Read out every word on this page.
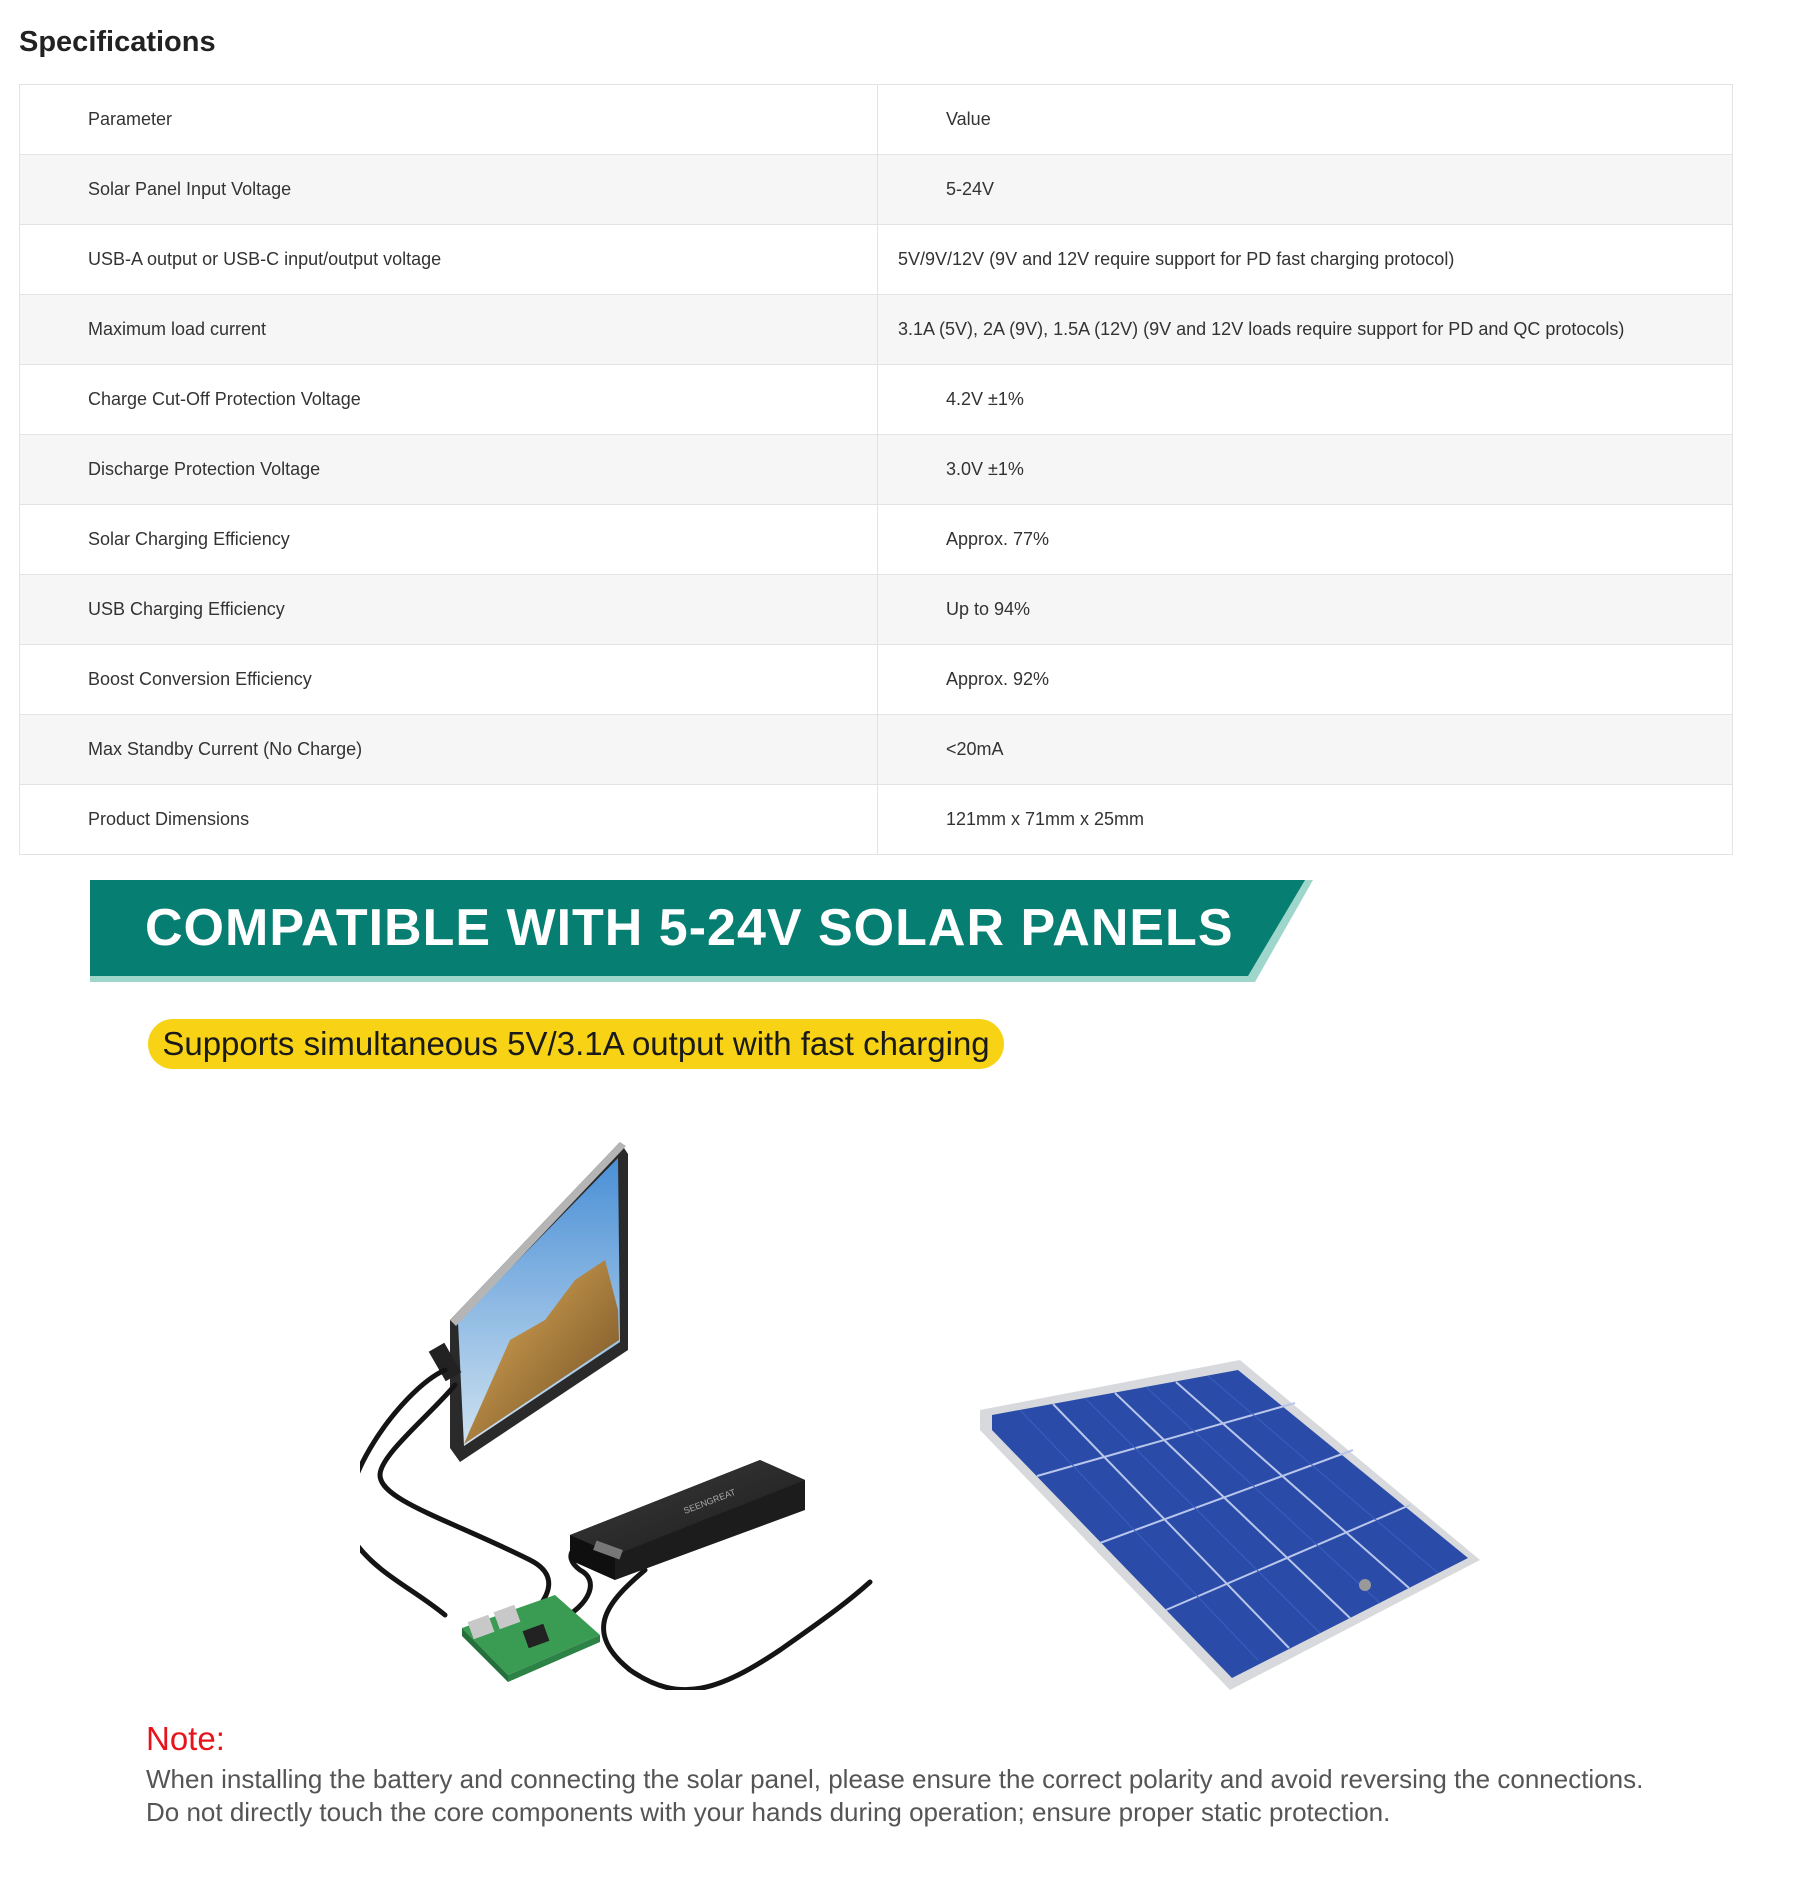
Specifications
Parameter	Value
Solar Panel Input Voltage	5-24V
USB-A output or USB-C input/output voltage	5V/9V/12V (9V and 12V require support for PD fast charging protocol)
Maximum load current	3.1A (5V), 2A (9V), 1.5A (12V) (9V and 12V loads require support for PD and QC protocols)
Charge Cut-Off Protection Voltage	4.2V ±1%
Discharge Protection Voltage	3.0V ±1%
Solar Charging Efficiency	Approx. 77%
USB Charging Efficiency	Up to 94%
Boost Conversion Efficiency	Approx. 92%
Max Standby Current (No Charge)	<20mA
Product Dimensions	121mm x 71mm x 25mm
COMPATIBLE WITH 5-24V SOLAR PANELS
Supports simultaneous 5V/3.1A output with fast charging
SEENGREAT

Note:

When installing the battery and connecting the solar panel, please ensure the correct polarity and avoid reversing the connections.

Do not directly touch the core components with your hands during operation; ensure proper static protection.
